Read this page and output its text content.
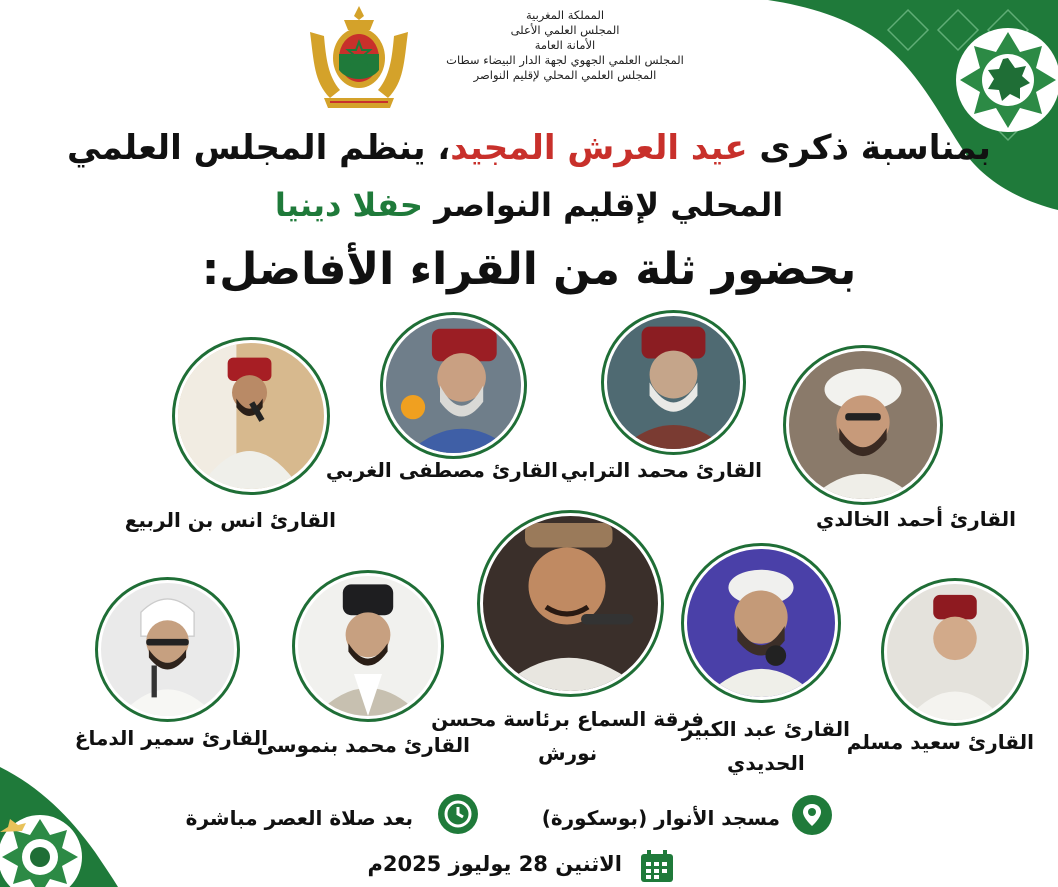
المملكة المغربية
المجلس العلمي الأعلى
الأمانة العامة
المجلس العلمي الجهوي لجهة الدار البيضاء سطات
المجلس العلمي المحلي لإقليم النواصر
بمناسبة ذكرى عيد العرش المجيد، ينظم المجلس العلمي
المحلي لإقليم النواصر حفلا دينيا
بحضور ثلة من القراء الأفاضل:
القارئ أحمد الخالدي
القارئ محمد الترابي
القارئ مصطفى الغربي
القارئ انس بن الربيع
القارئ سعيد مسلم
القارئ عبد الكبير
الحديدي
فرقة السماع برئاسة محسن
نورش
القارئ محمد بنموسى
القارئ سمير الدماغ
مسجد الأنوار (بوسكورة)
بعد صلاة العصر مباشرة
الاثنين 28 يوليوز 2025م
